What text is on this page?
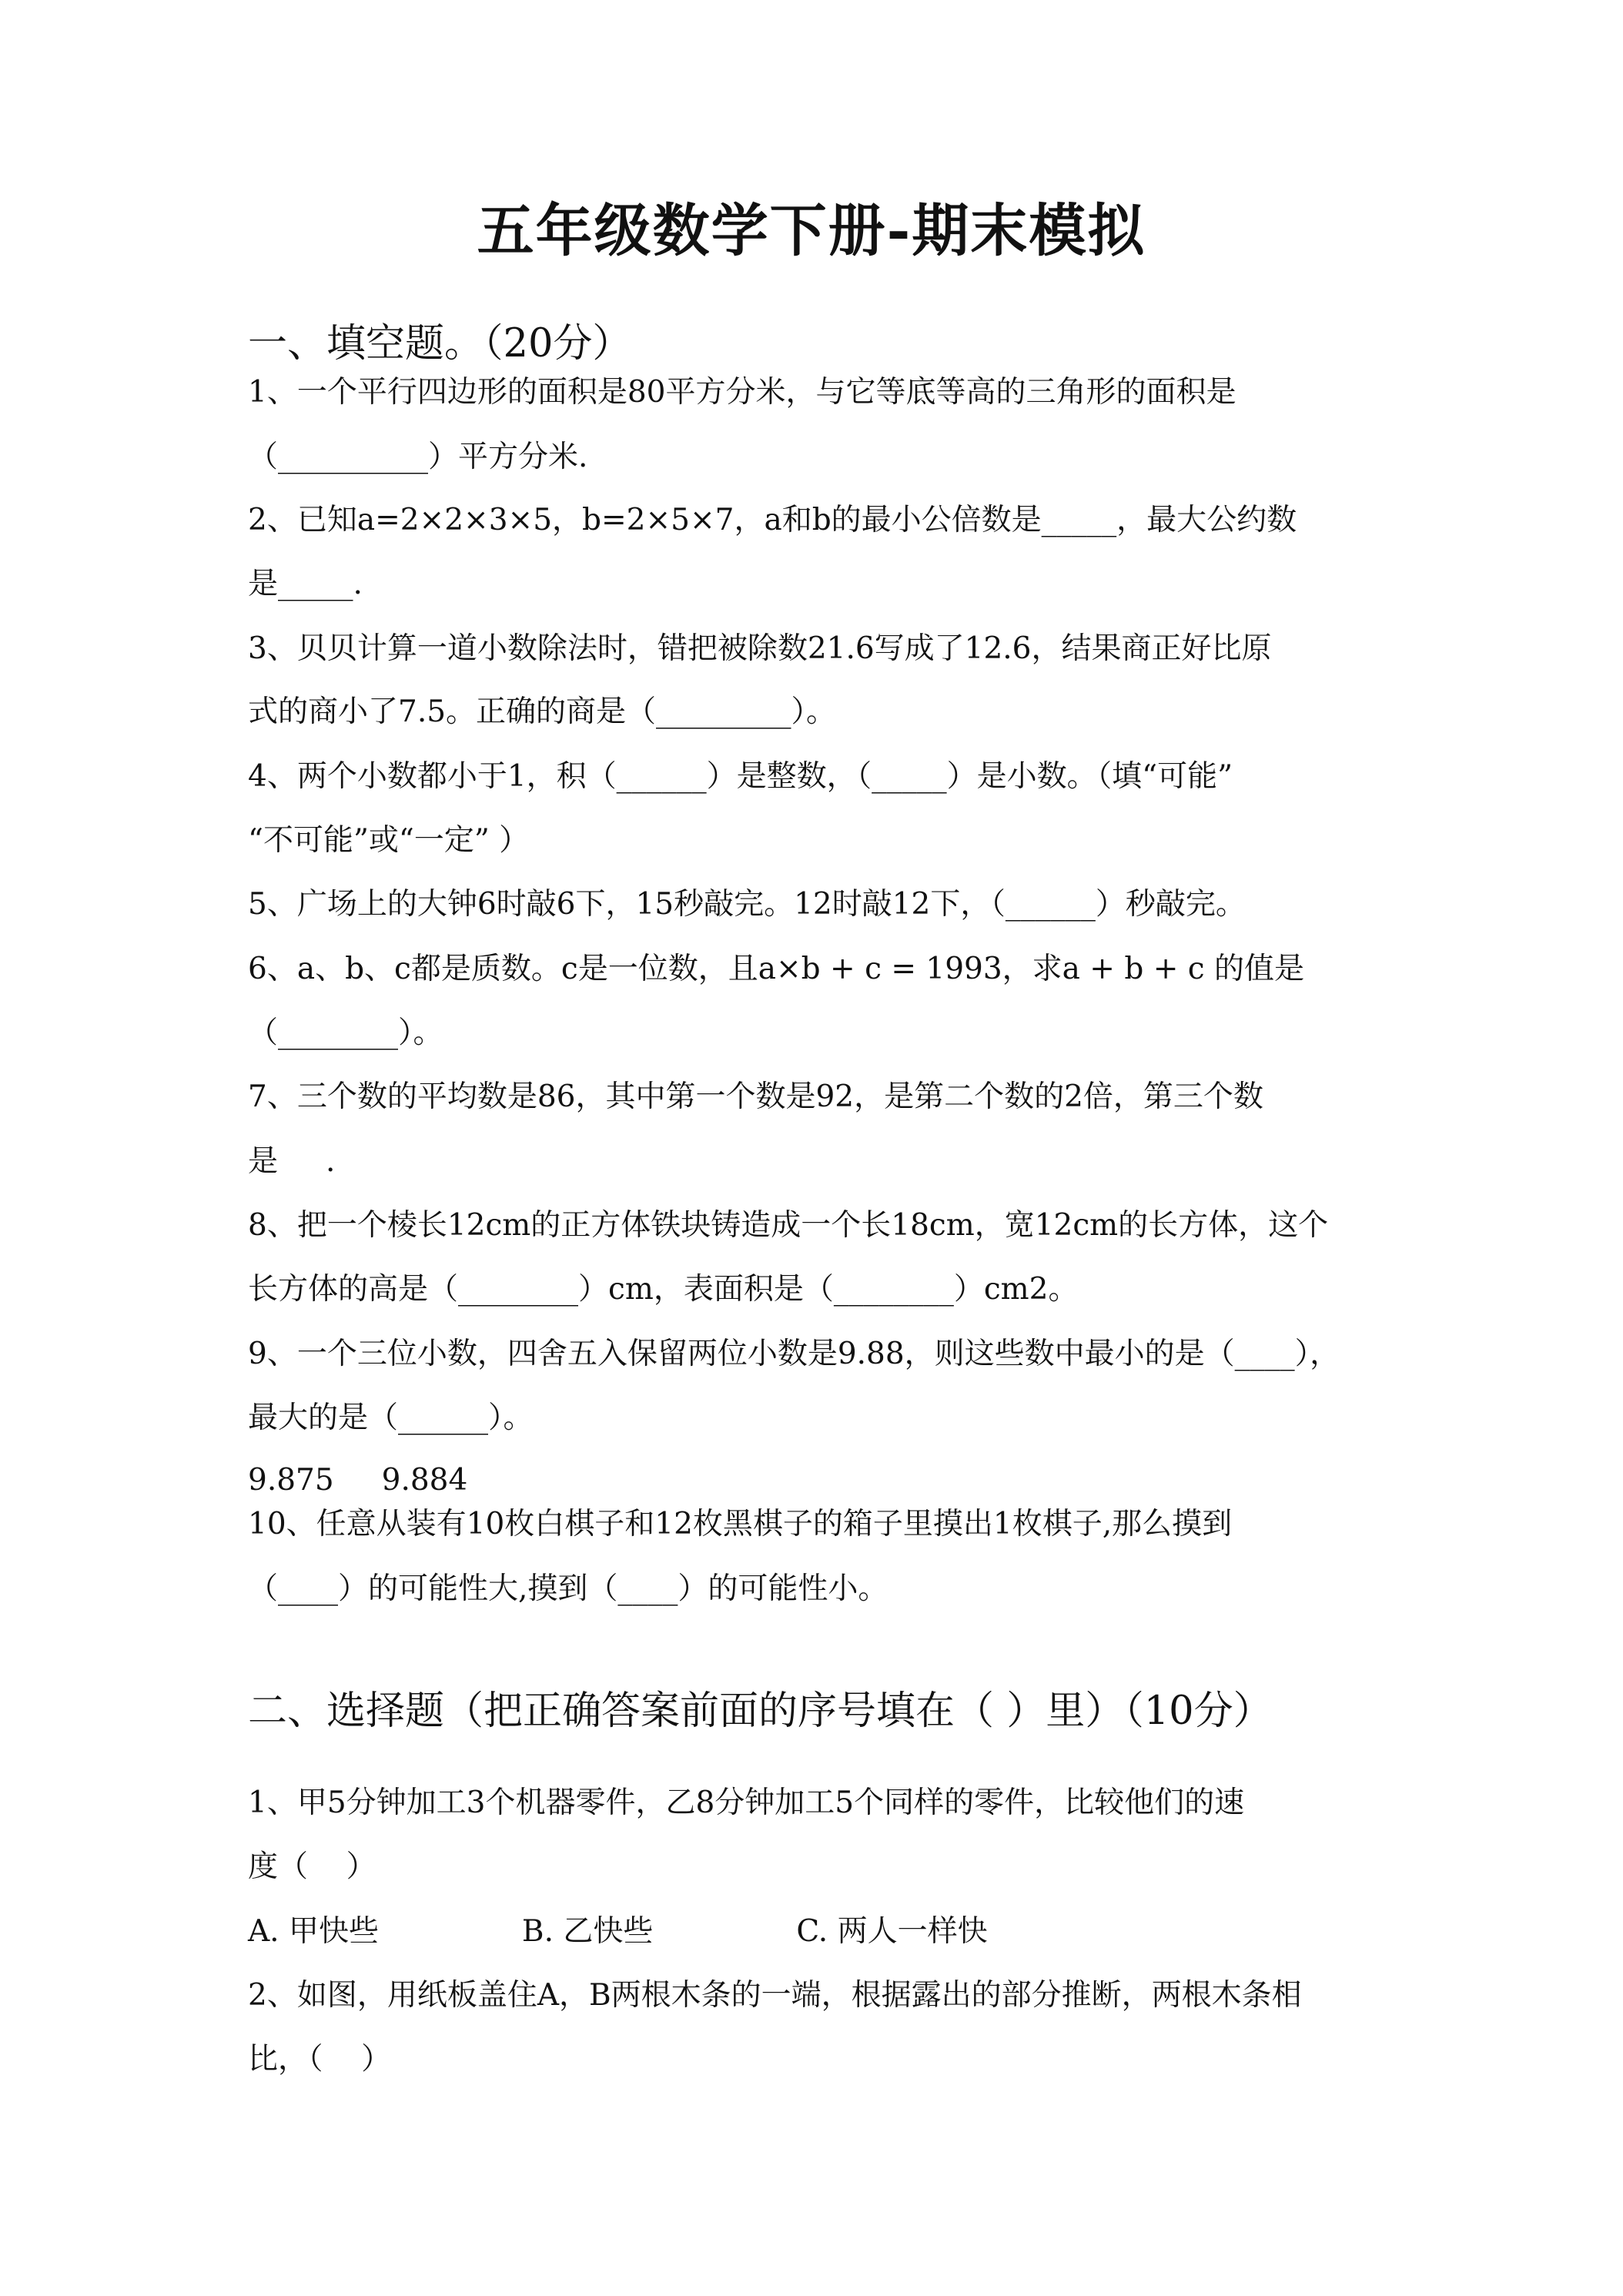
五年级数学下册-期末模拟
一、填空题。（20分）
1、一个平行四边形的面积是80平方分米，与它等底等高的三角形的面积是
（__________）平方分米.
2、已知a=2×2×3×5，b=2×5×7，a和b的最小公倍数是_____，最大公约数
是_____.
3、贝贝计算一道小数除法时，错把被除数21.6写成了12.6，结果商正好比原
式的商小了7.5。正确的商是（_________）。
4、两个小数都小于1，积（______）是整数，（_____）是小数。（填“可能”
“不可能”或“一定” ）
5、广场上的大钟6时敲6下，15秒敲完。12时敲12下，（______）秒敲完。
6、a、b、c都是质数。c是一位数，且a×b + c = 1993，求a + b + c 的值是
（________）。
7、三个数的平均数是86，其中第一个数是92，是第二个数的2倍，第三个数
是     .
8、把一个棱长12cm的正方体铁块铸造成一个长18cm，宽12cm的长方体，这个
长方体的高是（________）cm，表面积是（________）cm2。
9、一个三位小数，四舍五入保留两位小数是9.88，则这些数中最小的是（____），
最大的是（______）。
9.875     9.884
10、任意从装有10枚白棋子和12枚黑棋子的箱子里摸出1枚棋子,那么摸到
（____）的可能性大,摸到（____）的可能性小。
二、选择题（把正确答案前面的序号填在（ ）里）（10分）
1、甲5分钟加工3个机器零件，乙8分钟加工5个同样的零件，比较他们的速
度（    ）
A. 甲快些               B. 乙快些               C. 两人一样快
2、如图，用纸板盖住A，B两根木条的一端，根据露出的部分推断，两根木条相
比，（    ）
